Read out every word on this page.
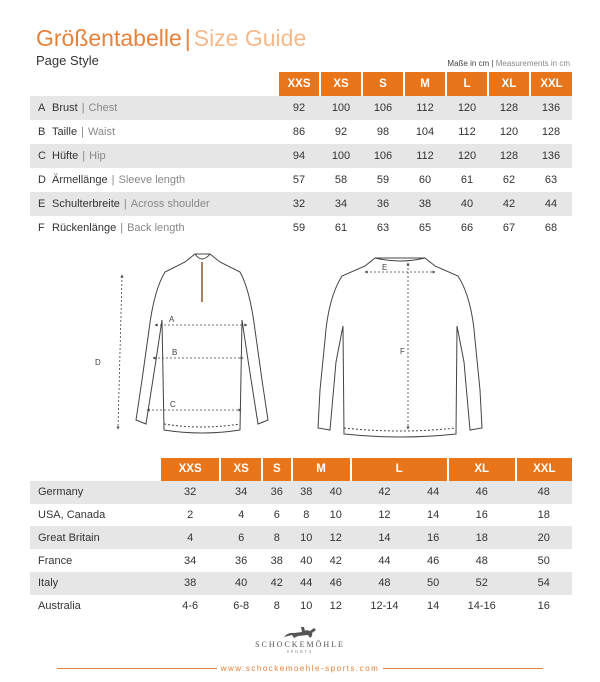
Größentabelle | Size Guide
Page Style	Maße in cm | Measurements in cm
		XXS	XS	S	M	L	XL	XXL
A	Brust | Chest	92	100	106	112	120	128	136
B	Taille | Waist	86	92	98	104	112	120	128
C	Hüfte | Hip	94	100	106	112	120	128	136
D	Ärmellänge | Sleeve length	57	58	59	60	61	62	63
E	Schulterbreite | Across shoulder	32	34	36	38	40	42	44
F	Rückenlänge | Back length	59	61	63	65	66	67	68
A
B
C
D
E
F
	XXS	XS	S	M		L		XL	XXL
Germany	32	34	36	38	40	42	44	46	48
USA, Canada	2	4	6	8	10	12	14	16	18
Great Britain	4	6	8	10	12	14	16	18	20
France	34	36	38	40	42	44	46	48	50
Italy	38	40	42	44	46	48	50	52	54
Australia	4-6	6-8	8	10	12	12-14	14	14-16	16
SCHOCKEMÖHLE
SPORTS
www.schockemoehle-sports.com
